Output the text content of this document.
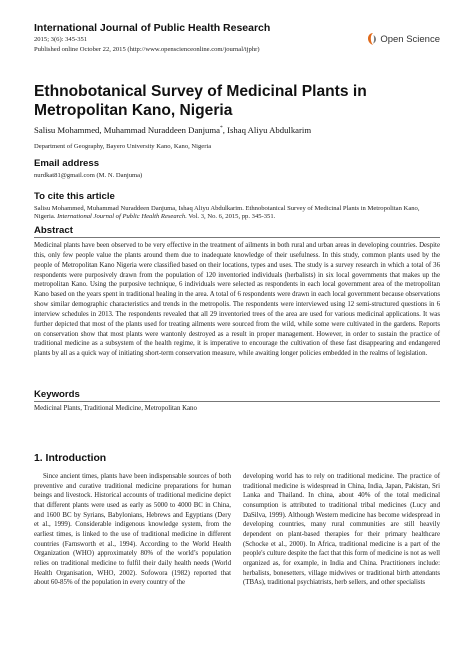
International Journal of Public Health Research
2015; 3(6): 345-351
Published online October 22, 2015 (http://www.openscienceonline.com/journal/ijphr)
Open Science
Ethnobotanical Survey of Medicinal Plants in Metropolitan Kano, Nigeria
Salisu Mohammed, Muhammad Nuraddeen Danjuma*, Ishaq Aliyu Abdulkarim
Department of Geography, Bayero University Kano, Kano, Nigeria
Email address
nurdkat81@gmail.com (M. N. Danjuma)
To cite this article
Salisu Mohammed, Muhammad Nuraddeen Danjuma, Ishaq Aliyu Abdulkarim. Ethnobotanical Survey of Medicinal Plants in Metropolitan Kano, Nigeria. International Journal of Public Health Research. Vol. 3, No. 6, 2015, pp. 345-351.
Abstract
Medicinal plants have been observed to be very effective in the treatment of ailments in both rural and urban areas in developing countries. Despite this, only few people value the plants around them due to inadequate knowledge of their usefulness. In this study, common plants used by the people of Metropolitan Kano Nigeria were classified based on their locations, types and uses. The study is a survey research in which a total of 36 respondents were purposively drawn from the population of 120 inventoried individuals (herbalists) in six local governments that makes up the metropolitan Kano. Using the purposive technique, 6 individuals were selected as respondents in each local government area of the metropolitan Kano based on the years spent in traditional healing in the area. A total of 6 respondents were drawn in each local government because observations show similar demographic characteristics and trends in the metropolis. The respondents were interviewed using 12 semi-structured questions in 6 interview schedules in 2013. The respondents revealed that all 29 inventoried trees of the area are used for various medicinal applications. It was further depicted that most of the plants used for treating ailments were sourced from the wild, while some were cultivated in the gardens. Reports on conservation show that most plants were wantonly destroyed as a result in proper management. However, in order to sustain the practice of traditional medicine as a subsystem of the health regime, it is imperative to encourage the cultivation of these fast disappearing and endangered plants by all as a quick way of initiating short-term conservation measure, while awaiting longer policies embedded in the realms of legislation.
Keywords
Medicinal Plants, Traditional Medicine, Metropolitan Kano
1. Introduction
Since ancient times, plants have been indispensable sources of both preventive and curative traditional medicine preparations for human beings and livestock. Historical accounts of traditional medicine depict that different plants were used as early as 5000 to 4000 BC in China, and 1600 BC by Syrians, Babylonians, Hebrews and Egyptians (Dery et al., 1999). Considerable indigenous knowledge system, from the earliest times, is linked to the use of traditional medicine in different countries (Farnsworth et al., 1994). According to the World Health Organization (WHO) approximately 80% of the world’s population relies on traditional medicine to fulfil their daily health needs (World Health Organisation, WHO, 2002). Sofowora (1982) reported that about 60-85% of the population in every country of the
developing world has to rely on traditional medicine. The practice of traditional medicine is widespread in China, India, Japan, Pakistan, Sri Lanka and Thailand. In china, about 40% of the total medicinal consumption is attributed to traditional tribal medicines (Lucy and DaSilva, 1999). Although Western medicine has become widespread in developing countries, many rural communities are still heavily dependent on plant-based therapies for their primary healthcare (Schocke et al., 2000). In Africa, traditional medicine is a part of the people's culture despite the fact that this form of medicine is not as well organized as, for example, in India and China. Practitioners include: herbalists, bonesetters, village midwives or traditional birth attendants (TBAs), traditional psychiatrists, herb sellers, and other specialists
